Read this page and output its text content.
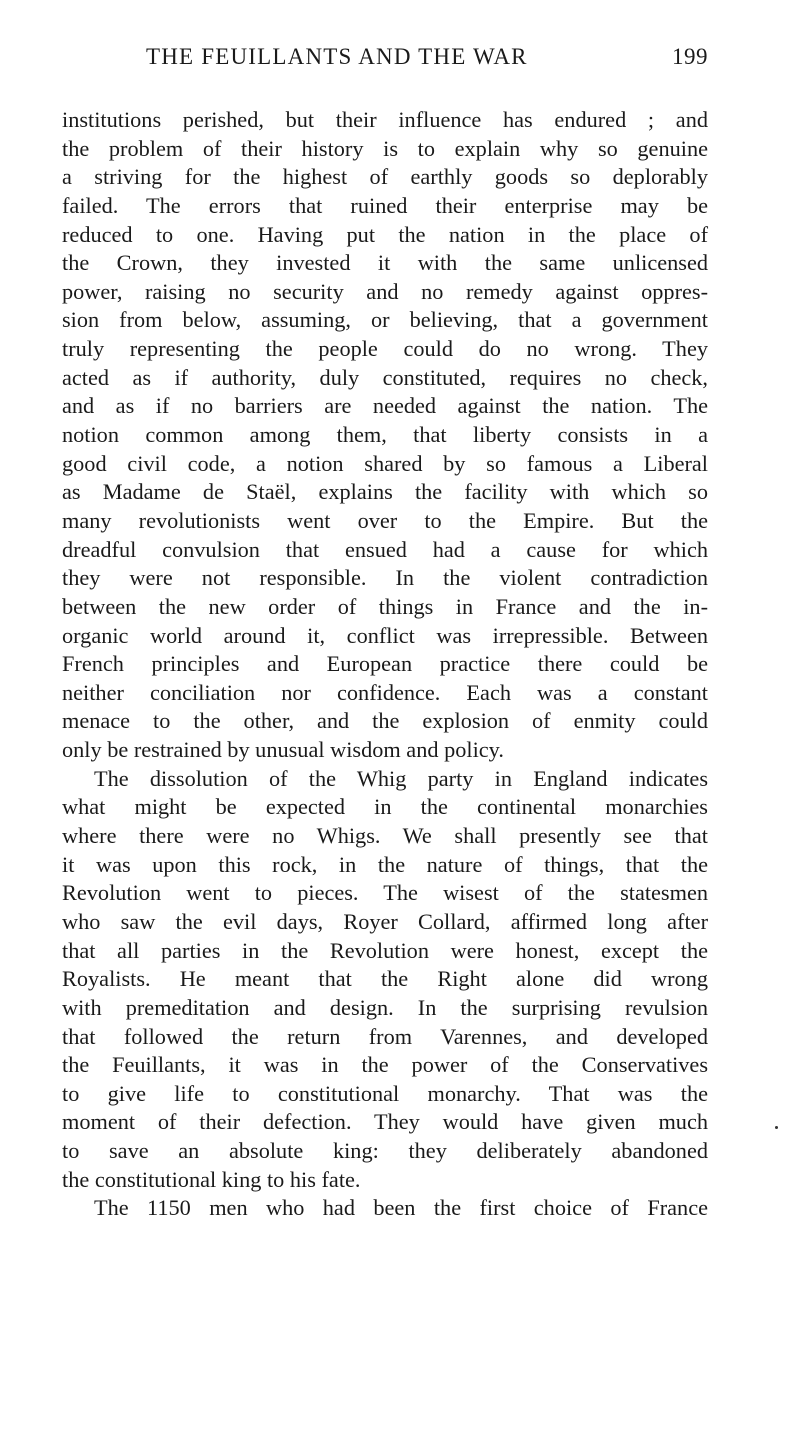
THE FEUILLANTS AND THE WAR	199
institutions perished, but their influence has endured ; and
the problem of their history is to explain why so genuine
a striving for the highest of earthly goods so deplorably
failed. The errors that ruined their enterprise may be
reduced to one. Having put the nation in the place of
the Crown, they invested it with the same unlicensed
power, raising no security and no remedy against oppres-
sion from below, assuming, or believing, that a government
truly representing the people could do no wrong. They
acted as if authority, duly constituted, requires no check,
and as if no barriers are needed against the nation. The
notion common among them, that liberty consists in a
good civil code, a notion shared by so famous a Liberal
as Madame de Staël, explains the facility with which so
many revolutionists went over to the Empire. But the
dreadful convulsion that ensued had a cause for which
they were not responsible. In the violent contradiction
between the new order of things in France and the in-
organic world around it, conflict was irrepressible. Between
French principles and European practice there could be
neither conciliation nor confidence. Each was a constant
menace to the other, and the explosion of enmity could
only be restrained by unusual wisdom and policy.
The dissolution of the Whig party in England indicates
what might be expected in the continental monarchies
where there were no Whigs. We shall presently see that
it was upon this rock, in the nature of things, that the
Revolution went to pieces. The wisest of the statesmen
who saw the evil days, Royer Collard, affirmed long after
that all parties in the Revolution were honest, except the
Royalists. He meant that the Right alone did wrong
with premeditation and design. In the surprising revulsion
that followed the return from Varennes, and developed
the Feuillants, it was in the power of the Conservatives
to give life to constitutional monarchy. That was the
moment of their defection. They would have given much
to save an absolute king: they deliberately abandoned
the constitutional king to his fate.
The 1150 men who had been the first choice of France
